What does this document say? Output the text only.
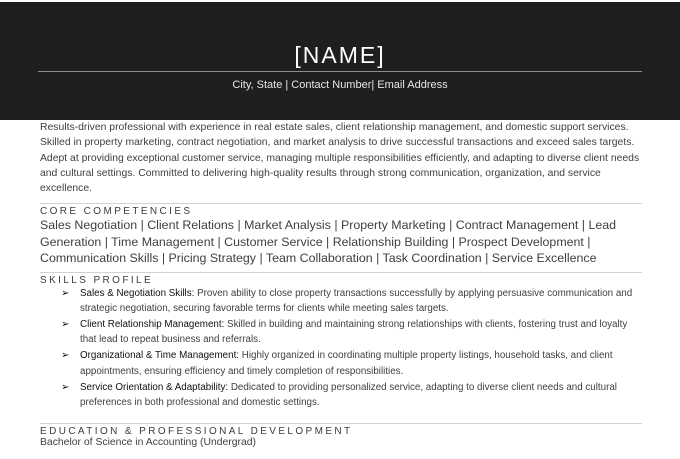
[NAME]
City, State | Contact Number| Email Address

Results-driven professional with experience in real estate sales, client relationship management, and domestic support services. Skilled in property marketing, contract negotiation, and market analysis to drive successful transactions and exceed sales targets. Adept at providing exceptional customer service, managing multiple responsibilities efficiently, and adapting to diverse client needs and cultural settings. Committed to delivering high-quality results through strong communication, organization, and service excellence.

CORE COMPETENCIES

Sales Negotiation | Client Relations | Market Analysis | Property Marketing | Contract Management | Lead Generation | Time Management | Customer Service | Relationship Building | Prospect Development | Communication Skills | Pricing Strategy | Team Collaboration | Task Coordination | Service Excellence

SKILLS PROFILE

➢ Sales & Negotiation Skills: Proven ability to close property transactions successfully by applying persuasive communication and strategic negotiation, securing favorable terms for clients while meeting sales targets.
➢ Client Relationship Management: Skilled in building and maintaining strong relationships with clients, fostering trust and loyalty that lead to repeat business and referrals.
➢ Organizational & Time Management: Highly organized in coordinating multiple property listings, household tasks, and client appointments, ensuring efficiency and timely completion of responsibilities.
➢ Service Orientation & Adaptability: Dedicated to providing personalized service, adapting to diverse client needs and cultural preferences in both professional and domestic settings.

EDUCATION & PROFESSIONAL DEVELOPMENT

Bachelor of Science in Accounting (Undergrad)
